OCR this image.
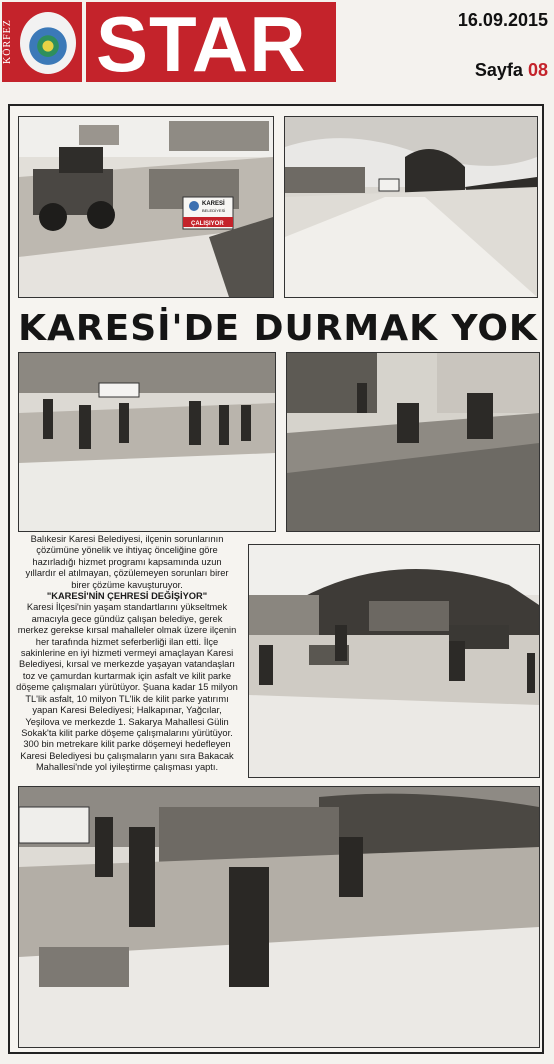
KÖRFEZ STAR	16.09.2015
Sayfa 08
KARESİ
BELEDİYESİ
ÇALIŞIYOR
KARESİ'DE DURMAK YOK

Balıkesir Karesi Belediyesi, ilçenin sorunlarının çözümüne yönelik ve ihtiyaç önceliğine göre hazırladığı hizmet programı kapsamında uzun yıllardır el atılmayan, çözülemeyen sorunları birer birer çözüme kavuşturuyor.

"KARESİ'NİN ÇEHRESİ DEĞİŞİYOR"

Karesi İlçesi'nin yaşam standartlarını yükseltmek amacıyla gece gündüz çalışan belediye, gerek merkez gerekse kırsal mahalleler olmak üzere ilçenin her tarafında hizmet seferberliği ilan etti. İlçe sakinlerine en iyi hizmeti vermeyi amaçlayan Karesi Belediyesi, kırsal ve merkezde yaşayan vatandaşları toz ve çamurdan kurtarmak için asfalt ve kilit parke döşeme çalışmaları yürütüyor. Şuana kadar 15 milyon TL'lik asfalt, 10 milyon TL'lik de kilit parke yatırımı yapan Karesi Belediyesi; Halkapınar, Yağcılar, Yeşilova ve merkezde 1. Sakarya Mahallesi Gülin Sokak'ta kilit parke döşeme çalışmalarını yürütüyor. 300 bin metrekare kilit parke döşemeyi hedefleyen Karesi Belediyesi bu çalışmaların yanı sıra Bakacak Mahallesi'nde yol iyileştirme çalışması yaptı.
